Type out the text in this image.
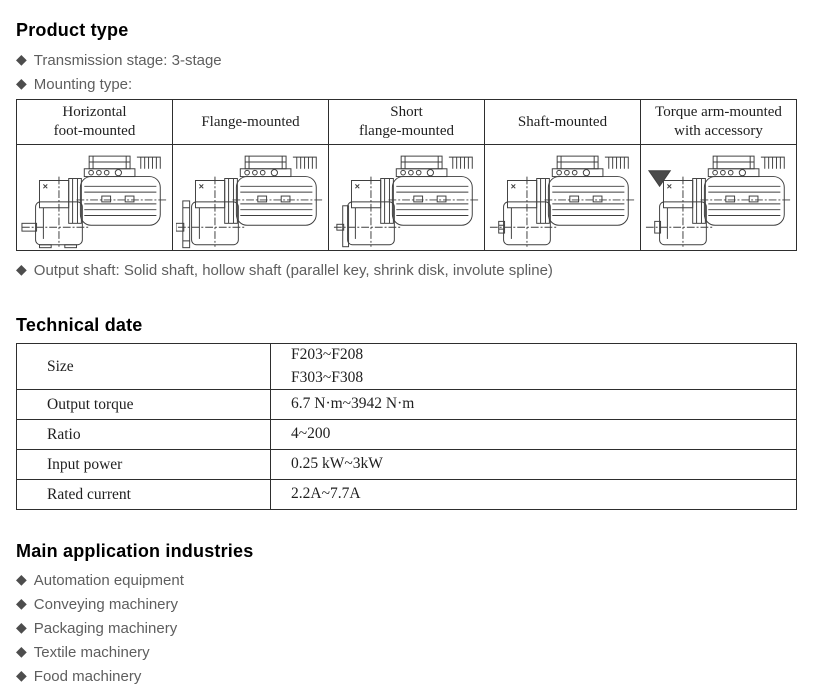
Product type
◆ Transmission stage: 3-stage
◆ Mounting type:
Horizontal
foot-mounted

Flange-mounted

Short
flange-mounted

Shaft-mounted

Torque arm-mounted
with accessory

◆ Output shaft: Solid shaft, hollow shaft (parallel key, shrink disk, involute spline)
Technical date
Size	F203~F208
F303~F308

Output torque	6.7 N·m~3942 N·m

Ratio	4~200

Input power	0.25 kW~3kW

Rated current	2.2A~7.7A
Main application industries
◆ Automation equipment
◆ Conveying machinery
◆ Packaging machinery
◆ Textile machinery
◆ Food machinery
